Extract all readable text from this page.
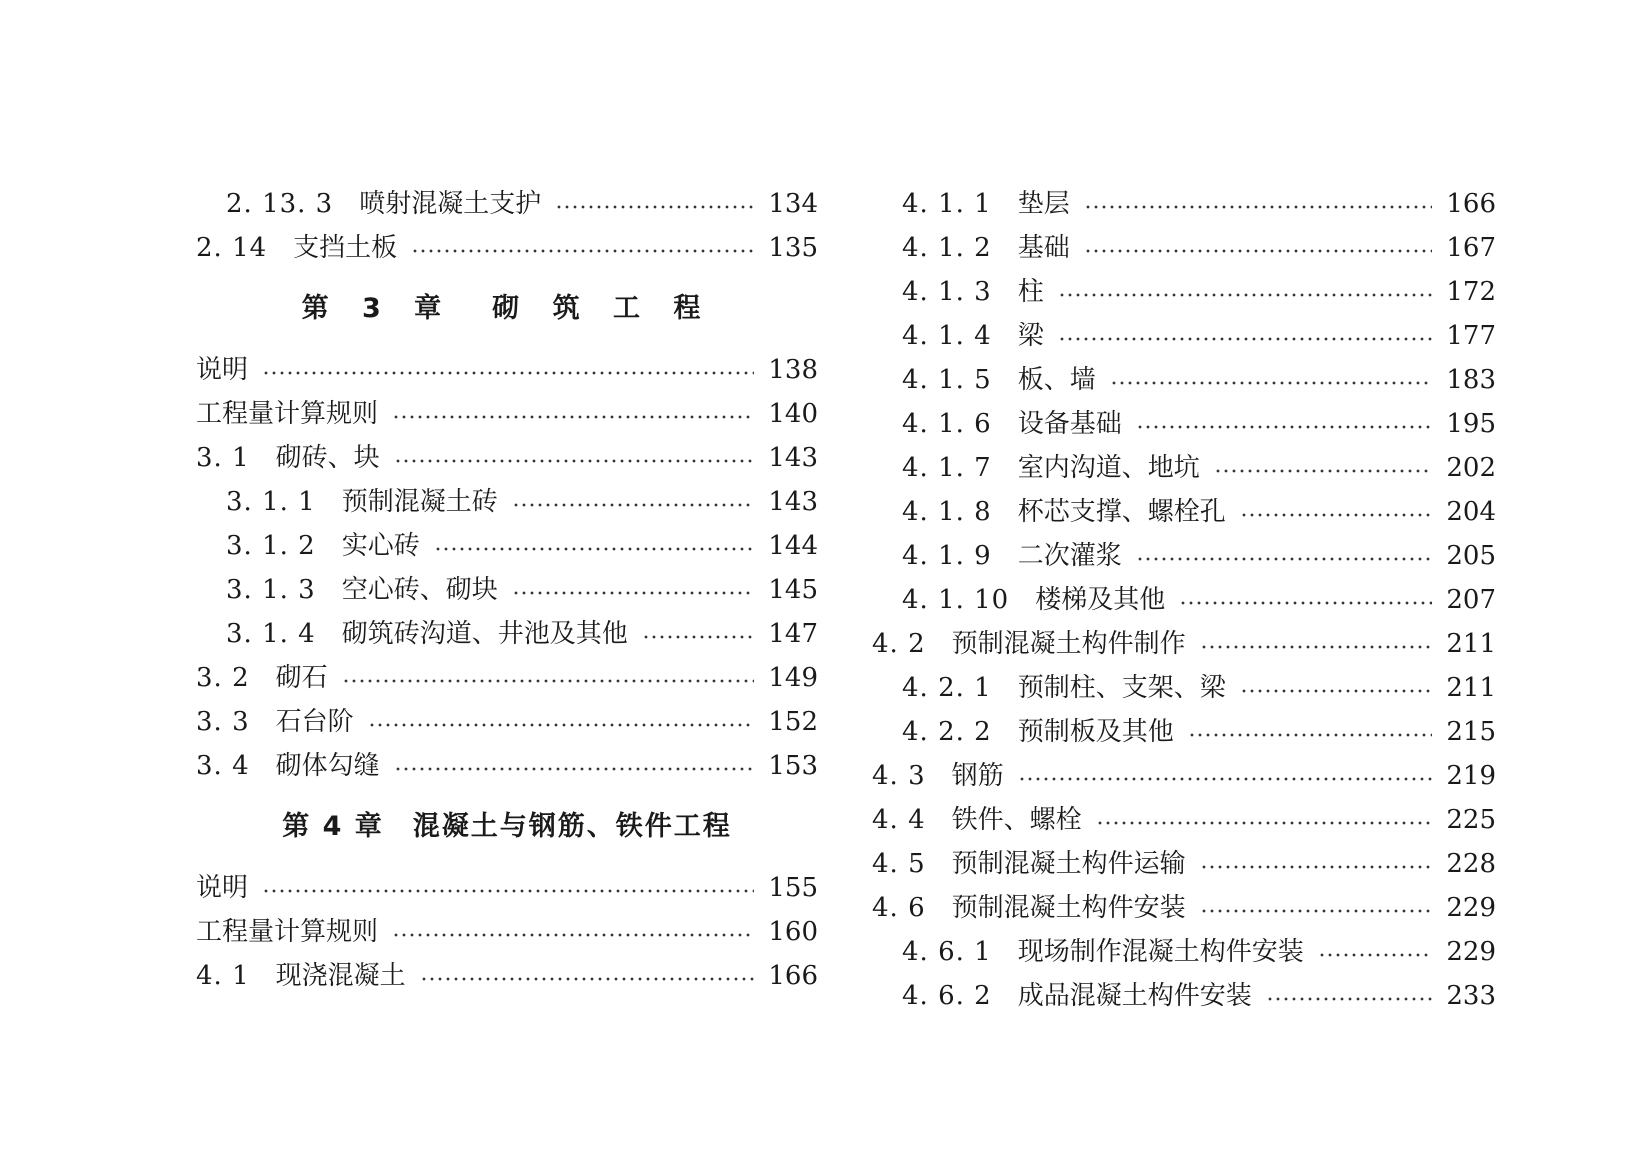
2. 13. 3 喷射混凝土支护	134
2. 14 支挡土板	135
第 3 章　砌 筑 工 程
说明	138
工程量计算规则	140
3. 1 砌砖、块	143
3. 1. 1 预制混凝土砖	143
3. 1. 2 实心砖	144
3. 1. 3 空心砖、砌块	145
3. 1. 4 砌筑砖沟道、井池及其他	147
3. 2 砌石	149
3. 3 石台阶	152
3. 4 砌体勾缝	153
第 4 章　混凝土与钢筋、铁件工程
说明	155
工程量计算规则	160
4. 1 现浇混凝土	166
4. 1. 1 垫层	166
4. 1. 2 基础	167
4. 1. 3 柱	172
4. 1. 4 梁	177
4. 1. 5 板、墙	183
4. 1. 6 设备基础	195
4. 1. 7 室内沟道、地坑	202
4. 1. 8 杯芯支撑、螺栓孔	204
4. 1. 9 二次灌浆	205
4. 1. 10 楼梯及其他	207
4. 2 预制混凝土构件制作	211
4. 2. 1 预制柱、支架、梁	211
4. 2. 2 预制板及其他	215
4. 3 钢筋	219
4. 4 铁件、螺栓	225
4. 5 预制混凝土构件运输	228
4. 6 预制混凝土构件安装	229
4. 6. 1 现场制作混凝土构件安装	229
4. 6. 2 成品混凝土构件安装	233
